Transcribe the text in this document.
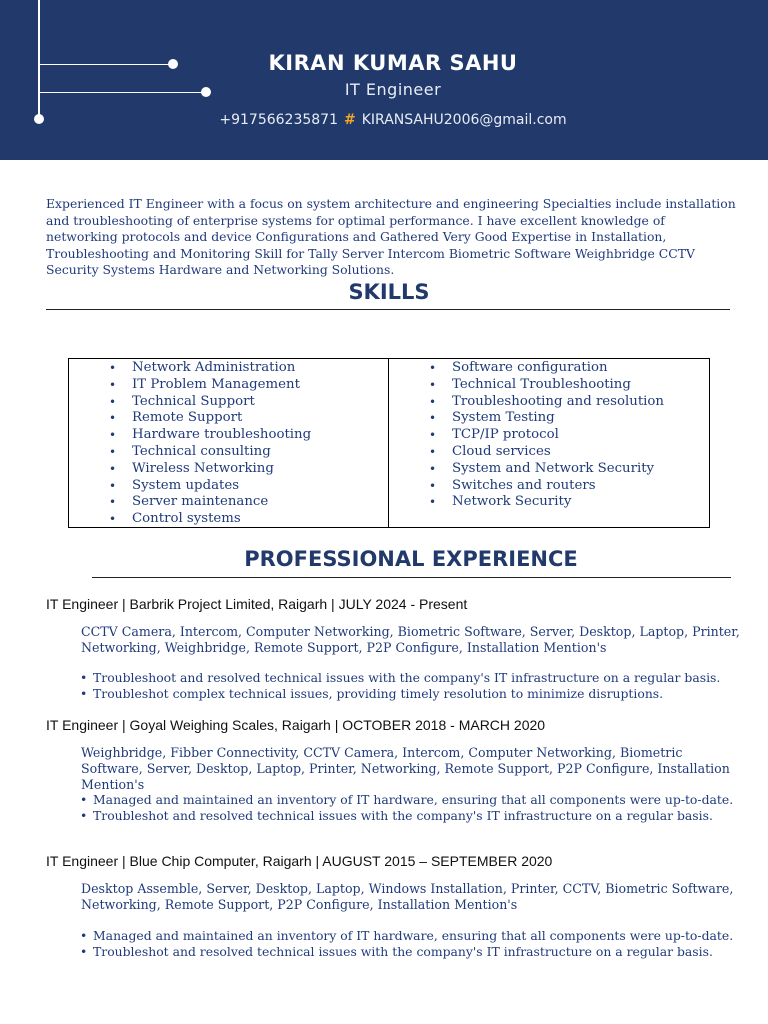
KIRAN KUMAR SAHU
IT Engineer
+917566235871 # KIRANSAHU2006@gmail.com
Experienced IT Engineer with a focus on system architecture and engineering Specialties include installation and troubleshooting of enterprise systems for optimal performance. I have excellent knowledge of networking protocols and device Configurations and Gathered Very Good Expertise in Installation, Troubleshooting and Monitoring Skill for Tally Server Intercom Biometric Software Weighbridge CCTV Security Systems Hardware and Networking Solutions.
SKILLS
• Network Administration
• IT Problem Management
• Technical Support
• Remote Support
• Hardware troubleshooting
• Technical consulting
• Wireless Networking
• System updates
• Server maintenance
• Control systems
• Software configuration
• Technical Troubleshooting
• Troubleshooting and resolution
• System Testing
• TCP/IP protocol
• Cloud services
• System and Network Security
• Switches and routers
• Network Security
PROFESSIONAL EXPERIENCE
IT Engineer | Barbrik Project Limited, Raigarh | JULY 2024 - Present
CCTV Camera, Intercom, Computer Networking, Biometric Software, Server, Desktop, Laptop, Printer, Networking, Weighbridge, Remote Support, P2P Configure, Installation Mention's
• Troubleshoot and resolved technical issues with the company's IT infrastructure on a regular basis.
• Troubleshot complex technical issues, providing timely resolution to minimize disruptions.
IT Engineer | Goyal Weighing Scales, Raigarh | OCTOBER 2018 - MARCH 2020
Weighbridge, Fibber Connectivity, CCTV Camera, Intercom, Computer Networking, Biometric Software, Server, Desktop, Laptop, Printer, Networking, Remote Support, P2P Configure, Installation Mention's
• Managed and maintained an inventory of IT hardware, ensuring that all components were up-to-date.
• Troubleshot and resolved technical issues with the company's IT infrastructure on a regular basis.
IT Engineer | Blue Chip Computer, Raigarh | AUGUST 2015 – SEPTEMBER 2020
Desktop Assemble, Server, Desktop, Laptop, Windows Installation, Printer, CCTV, Biometric Software, Networking, Remote Support, P2P Configure, Installation Mention's
• Managed and maintained an inventory of IT hardware, ensuring that all components were up-to-date.
• Troubleshot and resolved technical issues with the company's IT infrastructure on a regular basis.
